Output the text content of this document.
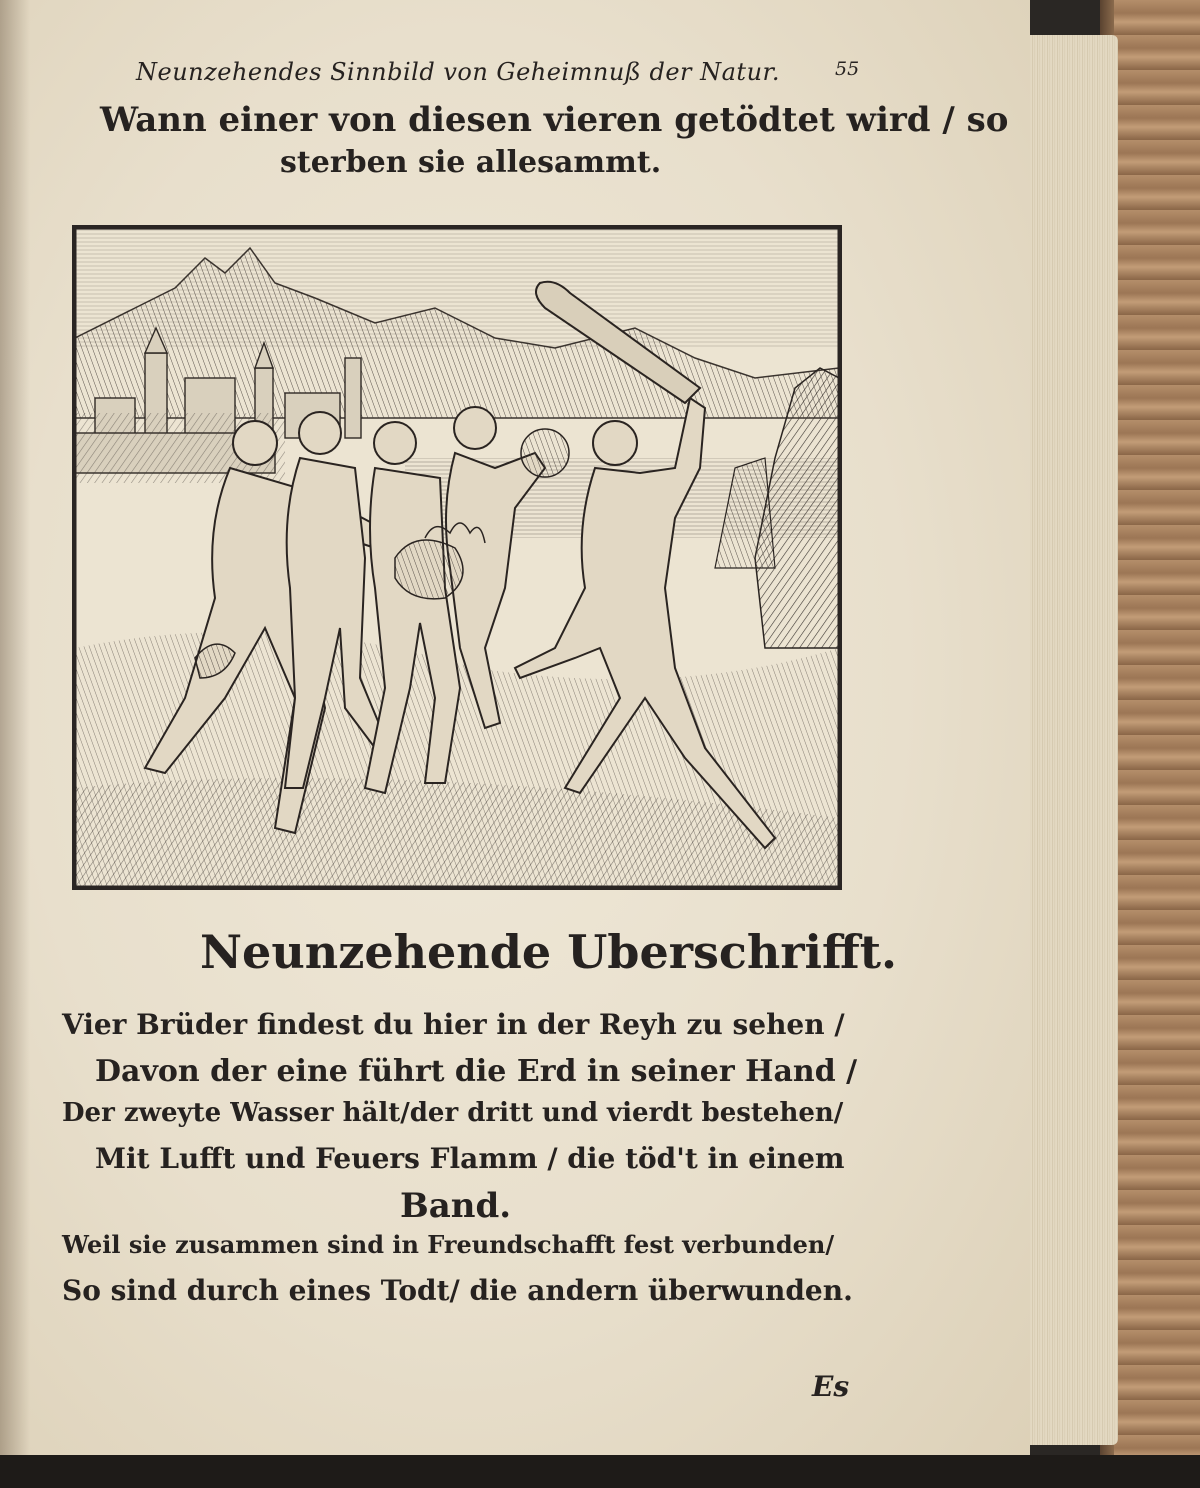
Neunzehendes Sinnbild von Geheimnuß der Natur.	55
Wann einer von diesen vieren getödtet wird / so
sterben sie allesammt.
Neunzehende Uberschrifft.
Vier Brüder findest du hier in der Reyh zu sehen /
Davon der eine führt die Erd in seiner Hand /
Der zweyte Wasser hält/der dritt und vierdt bestehen/
Mit Lufft und Feuers Flamm / die töd't in einem
Band.
Weil sie zusammen sind in Freundschafft fest verbunden/
So sind durch eines Todt/ die andern überwunden.
Es
